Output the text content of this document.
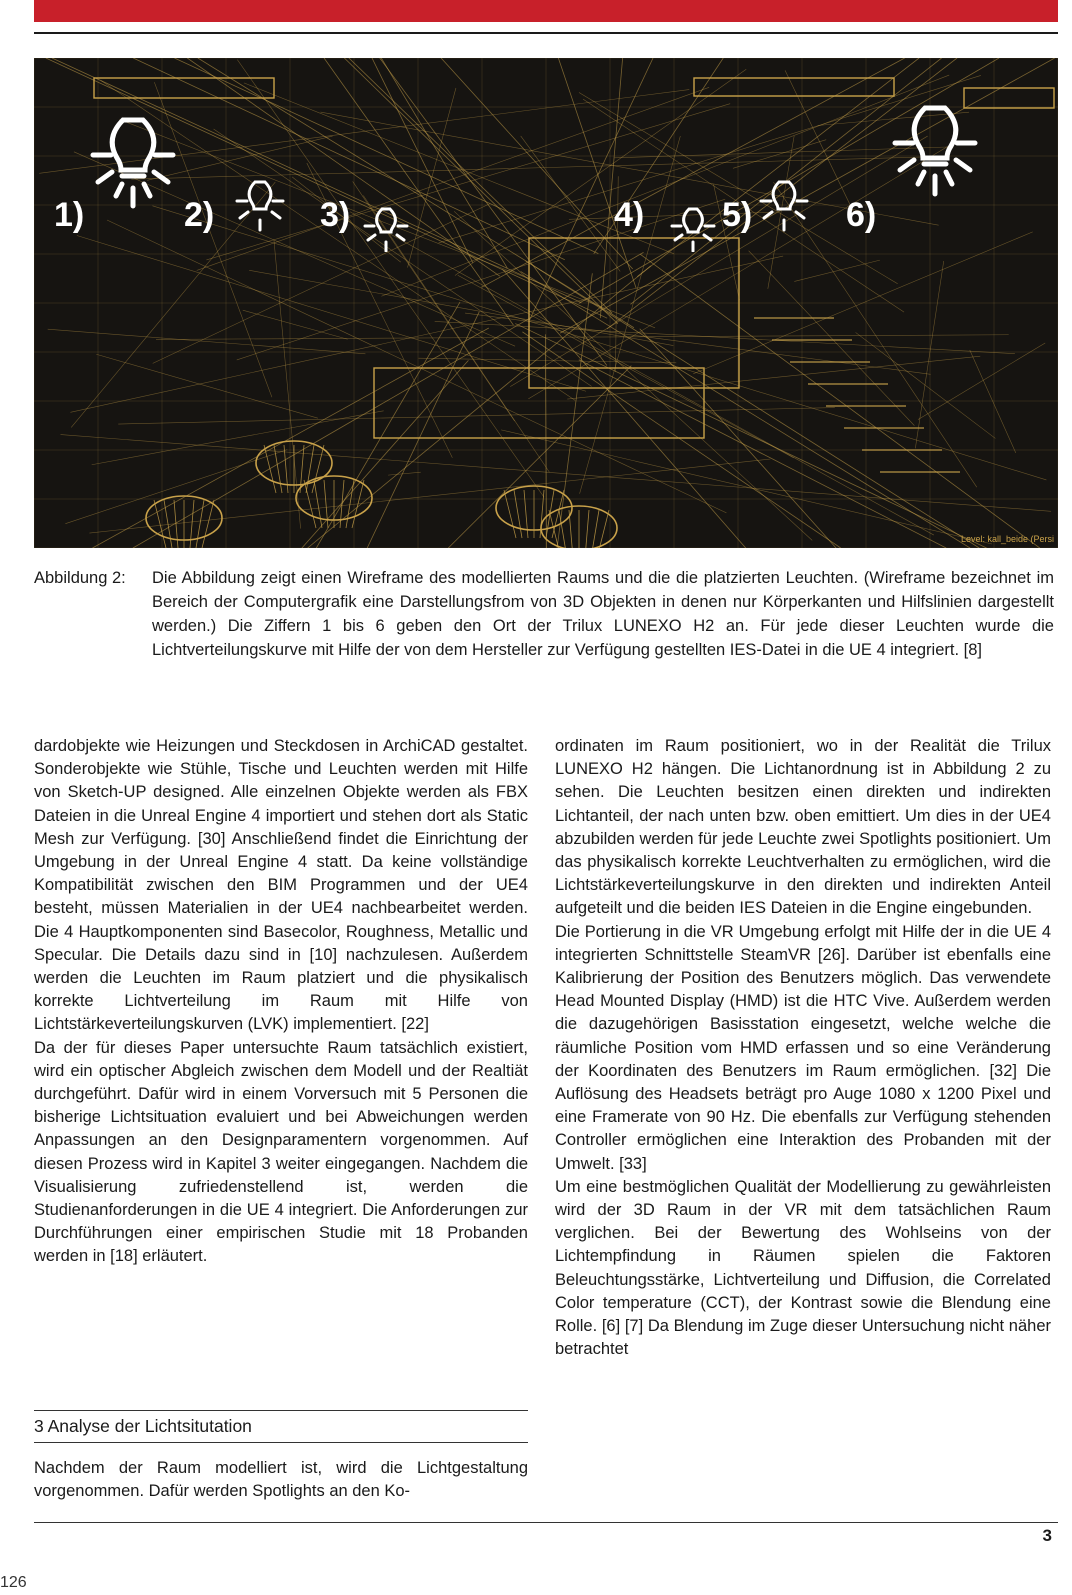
1)	2)	3)	4) 5)	6)
Level: kall_beide (Persi
Abbildung 2: Die Abbildung zeigt einen Wireframe des modellierten Raums und die die platzierten Leuchten. (Wireframe bezeichnet im Bereich der Computergrafik eine Darstellungsfrom von 3D Objekten in denen nur Körperkanten und Hilfslinien dargestellt werden.) Die Ziffern 1 bis 6 geben den Ort der Trilux LUNEXO H2 an. Für jede dieser Leuchten wurde die Lichtverteilungskurve mit Hilfe der von dem Hersteller zur Verfügung gestellten IES-Datei in die UE 4 integriert. [8]

dardobjekte wie Heizungen und Steckdosen in ArchiCAD gestaltet. Sonderobjekte wie Stühle, Tische und Leuchten werden mit Hilfe von Sketch-UP designed. Alle einzelnen Objekte werden als FBX Dateien in die Unreal Engine 4 importiert und stehen dort als Static Mesh zur Verfügung. [30] Anschließend findet die Einrichtung der Umgebung in der Unreal Engine 4 statt. Da keine vollständige Kompatibilität zwischen den BIM Programmen und der UE4 besteht, müssen Materialien in der UE4 nachbearbeitet werden. Die 4 Hauptkomponenten sind Basecolor, Roughness, Metallic und Specular. Die Details dazu sind in [10] nachzulesen. Außerdem werden die Leuchten im Raum platziert und die physikalisch korrekte Lichtverteilung im Raum mit Hilfe von Lichtstärkeverteilungskurven (LVK) implementiert. [22]

Da der für dieses Paper untersuchte Raum tatsächlich existiert, wird ein optischer Abgleich zwischen dem Modell und der Realtiät durchgeführt. Dafür wird in einem Vorversuch mit 5 Personen die bisherige Lichtsituation evaluiert und bei Abweichungen werden Anpassungen an den Designparamentern vorgenommen. Auf diesen Prozess wird in Kapitel 3 weiter eingegangen. Nachdem die Visualisierung zufriedenstellend ist, werden die Studienanforderungen in die UE 4 integriert. Die Anforderungen zur Durchführungen einer empirischen Studie mit 18 Probanden werden in [18] erläutert.

3 Analyse der Lichtsitutation
Nachdem der Raum modelliert ist, wird die Lichtgestaltung vorgenommen. Dafür werden Spotlights an den Ko-

ordinaten im Raum positioniert, wo in der Realität die Trilux LUNEXO H2 hängen. Die Lichtanordnung ist in Abbildung 2 zu sehen. Die Leuchten besitzen einen direkten und indirekten Lichtanteil, der nach unten bzw. oben emittiert. Um dies in der UE4 abzubilden werden für jede Leuchte zwei Spotlights positioniert. Um das physikalisch korrekte Leuchtverhalten zu ermöglichen, wird die Lichtstärkeverteilungskurve in den direkten und indirekten Anteil aufgeteilt und die beiden IES Dateien in die Engine eingebunden.

Die Portierung in die VR Umgebung erfolgt mit Hilfe der in die UE 4 integrierten Schnittstelle SteamVR [26]. Darüber ist ebenfalls eine Kalibrierung der Position des Benutzers möglich. Das verwendete Head Mounted Display (HMD) ist die HTC Vive. Außerdem werden die dazugehörigen Basisstation eingesetzt, welche welche die räumliche Position vom HMD erfassen und so eine Veränderung der Koordinaten des Benutzers im Raum ermöglichen. [32] Die Auflösung des Headsets beträgt pro Auge 1080 x 1200 Pixel und eine Framerate von 90 Hz. Die ebenfalls zur Verfügung stehenden Controller ermöglichen eine Interaktion des Probanden mit der Umwelt. [33]

Um eine bestmöglichen Qualität der Modellierung zu gewährleisten wird der 3D Raum in der VR mit dem tatsächlichen Raum verglichen. Bei der Bewertung des Wohlseins von der Lichtempfindung in Räumen spielen die Faktoren Beleuchtungsstärke, Lichtverteilung und Diffusion, die Correlated Color temperature (CCT), der Kontrast sowie die Blendung eine Rolle. [6] [7] Da Blendung im Zuge dieser Untersuchung nicht näher betrachtet

3
126
